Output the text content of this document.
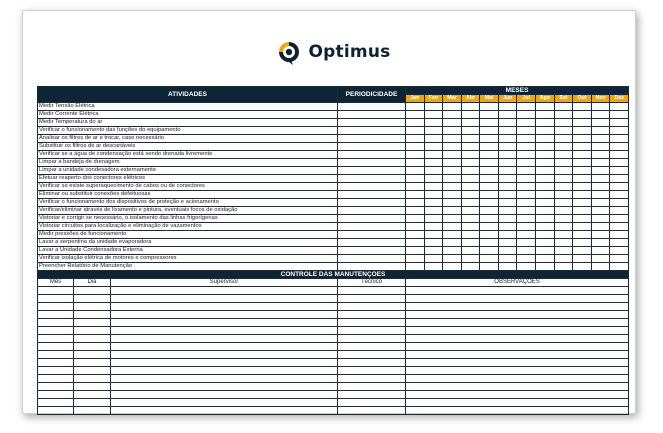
Optimus
ATIVIDADES	PERIODICIDADE	MESES											
		Jan	Fev	Mar	Abr	Mai	Jun	Jul	Ago	Set	Out	Nov	Dez
Medir Tensão Elétrica													
Medir Corrente Elétrica													
Medir Temperatura do ar													
Verificar o funcionamento das funções do equipamento													
Analisar os filtros de ar e trocar, caso necessário													
Substituir os filtros de ar descartáveis													
Verificar se a água de condensação está sendo drenada livremente													
Limpar a bandeja de drenagem													
Limpar a unidade condesadora externamente													
Efetuar reaperto dos conectores elétricos													
Verificar se existe superaquecimento de cabos ou de conectores													
Eliminar ou substituir conexões defeituosas													
Verificar o funcionamento dos dispositivos de proteção e acionamento													
Verificar/eliminar através de lixamento e pintura, eventuais focos de oxidação													
Vistoriar e corrigir se necessário, o isolamento das linhas frigorígenas													
Vistoriar circuitos para localização e eliminação de vazamentos													
Medir pressões de funcionamento													
Lavar a serpentina da unidade evaporadora													
Lavar a Unidade Condensadora Externa													
Verificar isolação elétrica de motores e compressores													
Preencher Relatório de Manutenção													
CONTROLE DAS MANUTENÇÕES				
Mês	Dia	Supervisor	Técnico	OBSERVAÇÕES
